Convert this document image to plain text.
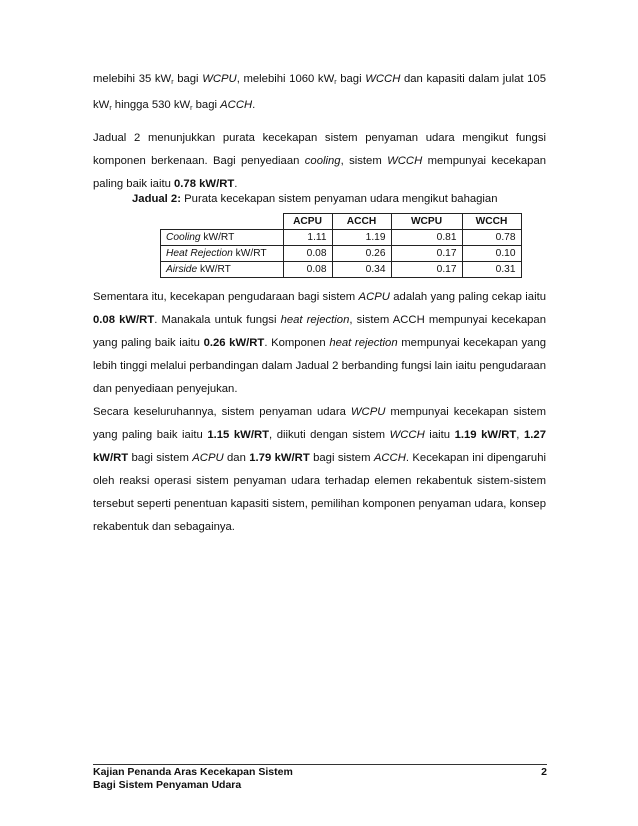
melebihi 35 $kW_r$ bagi WCPU, melebihi 1060 $kW_r$ bagi WCCH dan kapasiti dalam julat 105 $kW_r$ hingga 530 $kW_r$ bagi ACCH.
Jadual 2 menunjukkan purata kecekapan sistem penyaman udara mengikut fungsi komponen berkenaan. Bagi penyediaan cooling, sistem WCCH mempunyai kecekapan paling baik iaitu 0.78 kW/RT.
Jadual 2: Purata kecekapan sistem penyaman udara mengikut bahagian
	ACPU	ACCH	WCPU	WCCH
Cooling kW/RT	1.11	1.19	0.81	0.78
Heat Rejection kW/RT	0.08	0.26	0.17	0.10
Airside kW/RT	0.08	0.34	0.17	0.31
Sementara itu, kecekapan pengudaraan bagi sistem ACPU adalah yang paling cekap iaitu 0.08 kW/RT. Manakala untuk fungsi heat rejection, sistem ACCH mempunyai kecekapan yang paling baik iaitu 0.26 kW/RT. Komponen heat rejection mempunyai kecekapan yang lebih tinggi melalui perbandingan dalam Jadual 2 berbanding fungsi lain iaitu pengudaraan dan penyediaan penyejukan.
Secara keseluruhannya, sistem penyaman udara WCPU mempunyai kecekapan sistem yang paling baik iaitu 1.15 kW/RT, diikuti dengan sistem WCCH iaitu 1.19 kW/RT, 1.27 kW/RT bagi sistem ACPU dan 1.79 kW/RT bagi sistem ACCH. Kecekapan ini dipengaruhi oleh reaksi operasi sistem penyaman udara terhadap elemen rekabentuk sistem-sistem tersebut seperti penentuan kapasiti sistem, pemilihan komponen penyaman udara, konsep rekabentuk dan sebagainya.
Kajian Penanda Aras Kecekapan Sistem
Bagi Sistem Penyaman Udara
2
